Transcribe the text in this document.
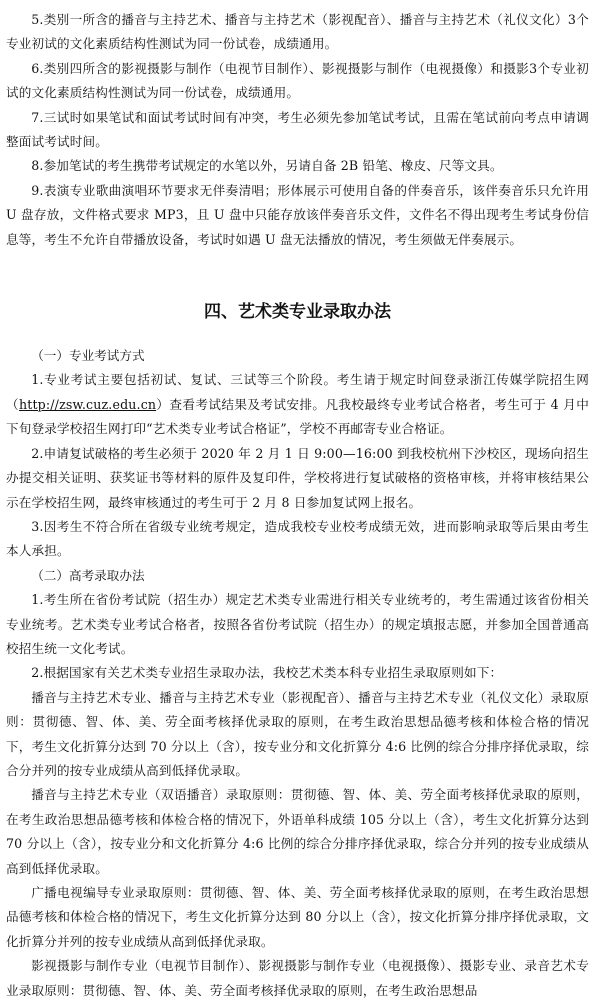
5.类别一所含的播音与主持艺术、播音与主持艺术（影视配音）、播音与主持艺术（礼仪文化）3个专业初试的文化素质结构性测试为同一份试卷，成绩通用。

6.类别四所含的影视摄影与制作（电视节目制作）、影视摄影与制作（电视摄像）和摄影3个专业初试的文化素质结构性测试为同一份试卷，成绩通用。

7.三试时如果笔试和面试考试时间有冲突，考生必须先参加笔试考试，且需在笔试前向考点申请调整面试考试时间。

8.参加笔试的考生携带考试规定的水笔以外，另请自备 2B 铅笔、橡皮、尺等文具。

9.表演专业歌曲演唱环节要求无伴奏清唱；形体展示可使用自备的伴奏音乐，该伴奏音乐只允许用 U 盘存放，文件格式要求 MP3，且 U 盘中只能存放该伴奏音乐文件，文件名不得出现考生考试身份信息等，考生不允许自带播放设备，考试时如遇 U 盘无法播放的情况，考生须做无伴奏展示。

四、艺术类专业录取办法

（一）专业考试方式

1.专业考试主要包括初试、复试、三试等三个阶段。考生请于规定时间登录浙江传媒学院招生网（http://zsw.cuz.edu.cn）查看考试结果及考试安排。凡我校最终专业考试合格者，考生可于 4 月中下旬登录学校招生网打印“艺术类专业考试合格证”，学校不再邮寄专业合格证。

2.申请复试破格的考生必须于 2020 年 2 月 1 日 9:00—16:00 到我校杭州下沙校区，现场向招生办提交相关证明、获奖证书等材料的原件及复印件，学校将进行复试破格的资格审核，并将审核结果公示在学校招生网，最终审核通过的考生可于 2 月 8 日参加复试网上报名。

3.因考生不符合所在省级专业统考规定，造成我校专业校考成绩无效，进而影响录取等后果由考生本人承担。

（二）高考录取办法

1.考生所在省份考试院（招生办）规定艺术类专业需进行相关专业统考的，考生需通过该省份相关专业统考。艺术类专业考试合格者，按照各省份考试院（招生办）的规定填报志愿，并参加全国普通高校招生统一文化考试。

2.根据国家有关艺术类专业招生录取办法，我校艺术类本科专业招生录取原则如下：

播音与主持艺术专业、播音与主持艺术专业（影视配音）、播音与主持艺术专业（礼仪文化）录取原则：贯彻德、智、体、美、劳全面考核择优录取的原则，在考生政治思想品德考核和体检合格的情况下，考生文化折算分达到 70 分以上（含），按专业分和文化折算分 4:6 比例的综合分排序择优录取，综合分并列的按专业成绩从高到低择优录取。

播音与主持艺术专业（双语播音）录取原则：贯彻德、智、体、美、劳全面考核择优录取的原则，在考生政治思想品德考核和体检合格的情况下，外语单科成绩 105 分以上（含），考生文化折算分达到 70 分以上（含），按专业分和文化折算分 4:6 比例的综合分排序择优录取，综合分并列的按专业成绩从高到低择优录取。

广播电视编导专业录取原则：贯彻德、智、体、美、劳全面考核择优录取的原则，在考生政治思想品德考核和体检合格的情况下，考生文化折算分达到 80 分以上（含），按文化折算分排序择优录取，文化折算分并列的按专业成绩从高到低择优录取。

影视摄影与制作专业（电视节目制作）、影视摄影与制作专业（电视摄像）、摄影专业、录音艺术专业录取原则：贯彻德、智、体、美、劳全面考核择优录取的原则，在考生政治思想品
